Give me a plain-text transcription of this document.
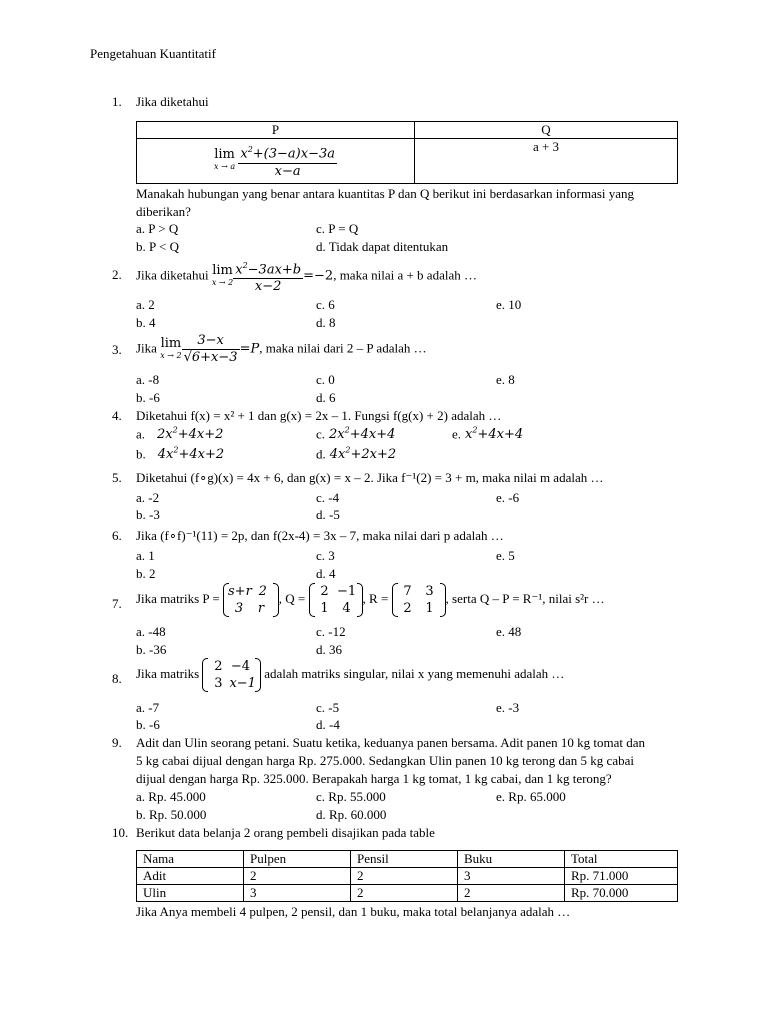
Pengetahuan Kuantitatif
1. Jika diketahui
P	Q
lim
x → a
$\frac{x^2+(3-a)x-3a}{x-a}$	a + 3
Manakah hubungan yang benar antara kuantitas P dan Q berikut ini berdasarkan informasi yang
diberikan?
a. P > Q	c. P = Q
b. P < Q	d. Tidak dapat ditentukan
2. Jika diketahui lim
$x \to 2 \frac{x^2-3ax+b}{x-2} =-2$, maka nilai a + b adalah …
a. 2	c. 6	e. 10
b. 4	d. 8
3. Jika lim
$x \to 2 \frac{3-x}{√6+x-3} =P$, maka nilai dari 2 – P adalah …
a. -8	c. 0	e. 8
b. -6	d. 6
4. Diketahui f(x) = x² + 1 dan g(x) = 2x – 1. Fungsi f(g(x) + 2) adalah …
a. $2x^2+4x+2$	c. $2x^2+4x+4$	e. $x^2+4x+4$
b. $4x^2+4x+2$	d. $4x^2+2x+2$
5. Diketahui (f∘g)(x) = 4x + 6, dan g(x) = x – 2. Jika f⁻¹(2) = 3 + m, maka nilai m adalah …
a. -2	c. -4	e. -6
b. -3	d. -5
6. Jika (f∘f)⁻¹(11) = 2p, dan f(2x-4) = 3x – 7, maka nilai dari p adalah …
a. 1	c. 3	e. 5
b. 2	d. 4
7. Jika matriks P = s+r 2
3 r
, Q =	2 −1
1 4
, R =	7 3
2 1
, serta Q – P = R⁻¹, nilai s²r …
a. -48	c. -12	e. 48
b. -36	d. 36
8. Jika matriks	2 −4
3 x−1
adalah matriks singular, nilai x yang memenuhi adalah …
a. -7	c. -5	e. -3
b. -6	d. -4
9. Adit dan Ulin seorang petani. Suatu ketika, keduanya panen bersama. Adit panen 10 kg tomat dan
5 kg cabai dijual dengan harga Rp. 275.000. Sedangkan Ulin panen 10 kg terong dan 5 kg cabai
dijual dengan harga Rp. 325.000. Berapakah harga 1 kg tomat, 1 kg cabai, dan 1 kg terong?
a. Rp. 45.000	c. Rp. 55.000	e. Rp. 65.000
b. Rp. 50.000	d. Rp. 60.000
10. Berikut data belanja 2 orang pembeli disajikan pada table
Nama	Pulpen	Pensil	Buku	Total
Adit	2	2	3	Rp. 71.000
Ulin	3	2	2	Rp. 70.000
Jika Anya membeli 4 pulpen, 2 pensil, dan 1 buku, maka total belanjanya adalah …
